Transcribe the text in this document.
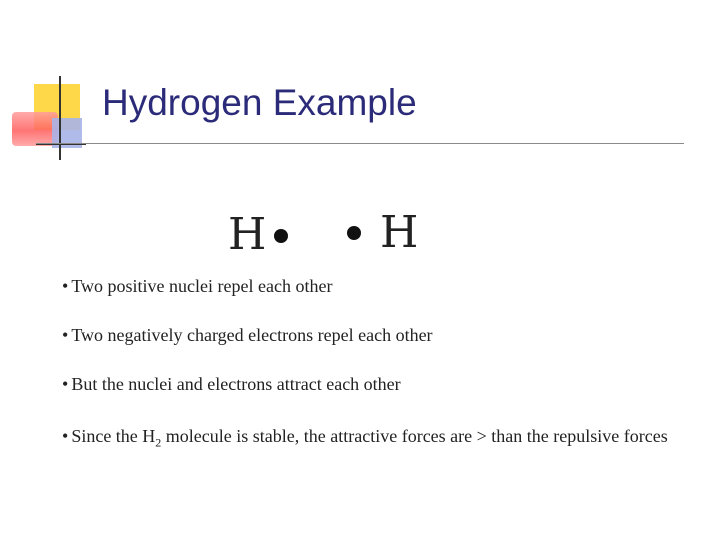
Hydrogen Example
H	H
• Two positive nuclei repel each other
• Two negatively charged electrons repel each other
• But the nuclei and electrons attract each other
• Since the $H_2$ molecule is stable, the attractive forces are > than the repulsive forces
